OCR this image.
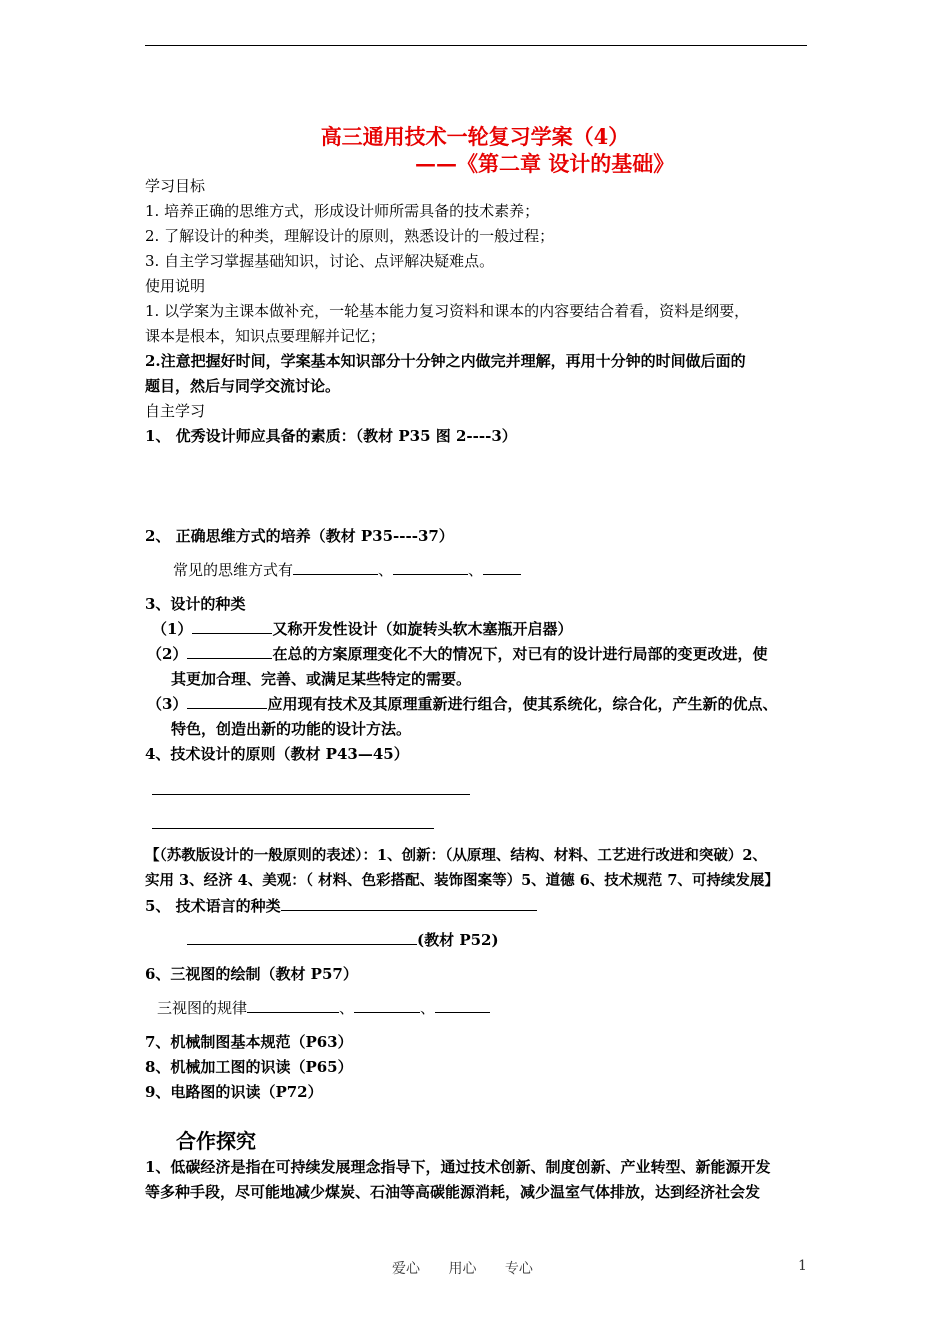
高三通用技术一轮复习学案（4）
——《第二章 设计的基础》
学习目标
1. 培养正确的思维方式，形成设计师所需具备的技术素养；
2. 了解设计的种类，理解设计的原则，熟悉设计的一般过程；
3. 自主学习掌握基础知识，讨论、点评解决疑难点。
使用说明
1. 以学案为主课本做补充，一轮基本能力复习资料和课本的内容要结合着看，资料是纲要，
课本是根本，知识点要理解并记忆；
2.注意把握好时间，学案基本知识部分十分钟之内做完并理解，再用十分钟的时间做后面的
题目，然后与同学交流讨论。
自主学习
1、 优秀设计师应具备的素质：（教材 P35 图 2----3）
2、 正确思维方式的培养（教材 P35----37）
常见的思维方式有	、	、
3、设计的种类
（1）	又称开发性设计（如旋转头软木塞瓶开启器）
（2）	在总的方案原理变化不大的情况下，对已有的设计进行局部的变更改进，使
其更加合理、完善、或满足某些特定的需要。
（3）	应用现有技术及其原理重新进行组合，使其系统化，综合化，产生新的优点、
特色，创造出新的功能的设计方法。
4、技术设计的原则（教材 P43—45）
【（苏教版设计的一般原则的表述）：1、创新：（从原理、结构、材料、工艺进行改进和突破）2、
实用 3、经济 4、美观：（ 材料、色彩搭配、装饰图案等）5、道德 6、技术规范 7、可持续发展】
5、 技术语言的种类
(教材 P52)
6、三视图的绘制（教材 P57）
三视图的规律	、	、
7、机械制图基本规范（P63）
8、机械加工图的识读（P65）
9、电路图的识读（P72）
合作探究
1、低碳经济是指在可持续发展理念指导下，通过技术创新、制度创新、产业转型、新能源开发
等多种手段，尽可能地减少煤炭、石油等高碳能源消耗，减少温室气体排放，达到经济社会发
爱心 用心 专心	1
